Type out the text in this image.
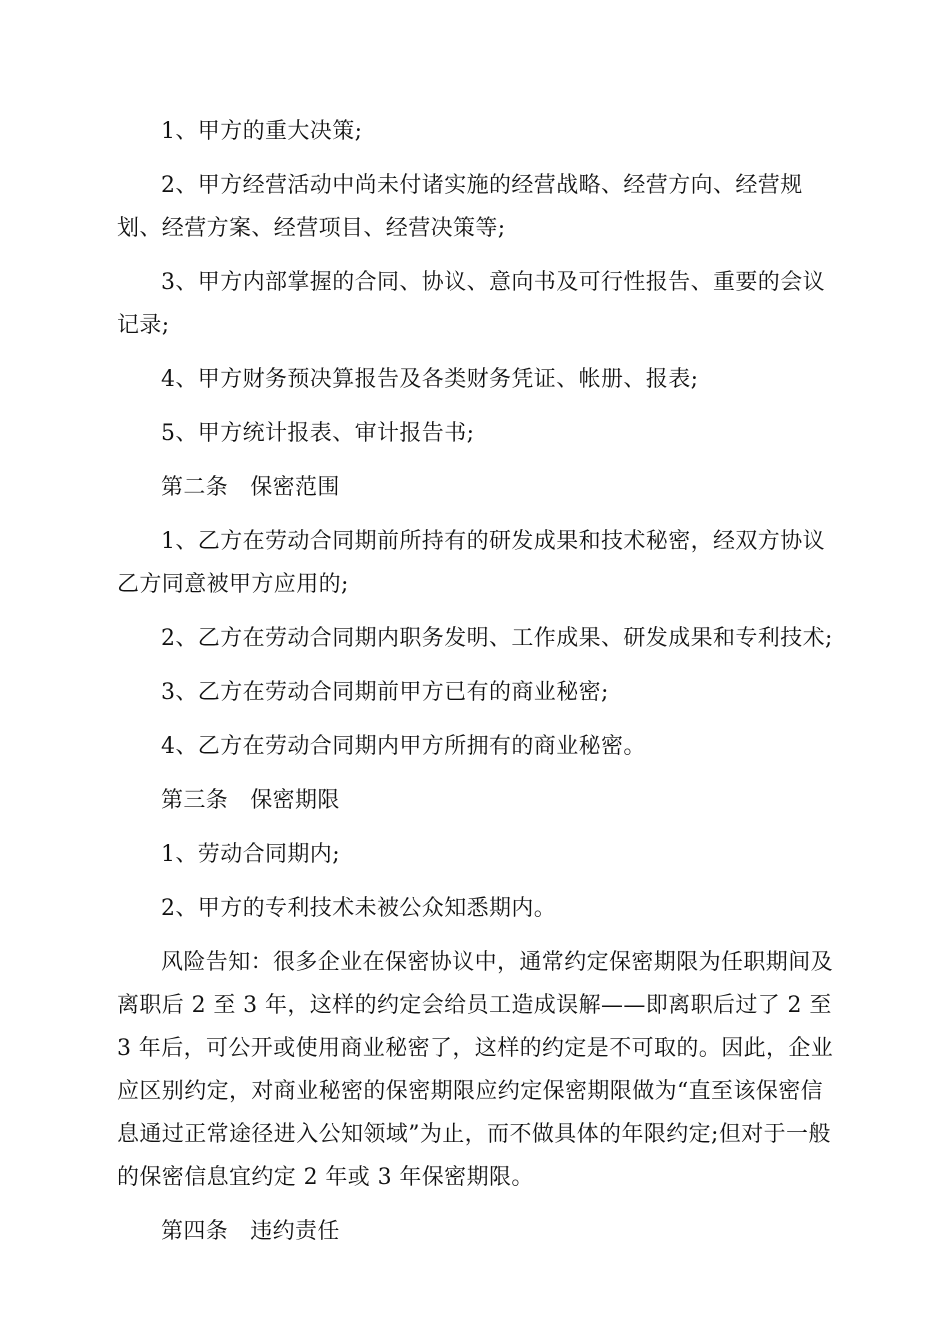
1、甲方的重大决策;

2、甲方经营活动中尚未付诸实施的经营战略、经营方向、经营规划、经营方案、经营项目、经营决策等;

3、甲方内部掌握的合同、协议、意向书及可行性报告、重要的会议记录;

4、甲方财务预决算报告及各类财务凭证、帐册、报表;

5、甲方统计报表、审计报告书;

第二条 保密范围

1、乙方在劳动合同期前所持有的研发成果和技术秘密，经双方协议乙方同意被甲方应用的;

2、乙方在劳动合同期内职务发明、工作成果、研发成果和专利技术;

3、乙方在劳动合同期前甲方已有的商业秘密;

4、乙方在劳动合同期内甲方所拥有的商业秘密。

第三条 保密期限

1、劳动合同期内;

2、甲方的专利技术未被公众知悉期内。

风险告知：很多企业在保密协议中，通常约定保密期限为任职期间及离职后 2 至 3 年，这样的约定会给员工造成误解——即离职后过了 2 至 3 年后，可公开或使用商业秘密了，这样的约定是不可取的。因此，企业应区别约定，对商业秘密的保密期限应约定保密期限做为“直至该保密信息通过正常途径进入公知领域”为止，而不做具体的年限约定;但对于一般的保密信息宜约定 2 年或 3 年保密期限。

第四条 违约责任
